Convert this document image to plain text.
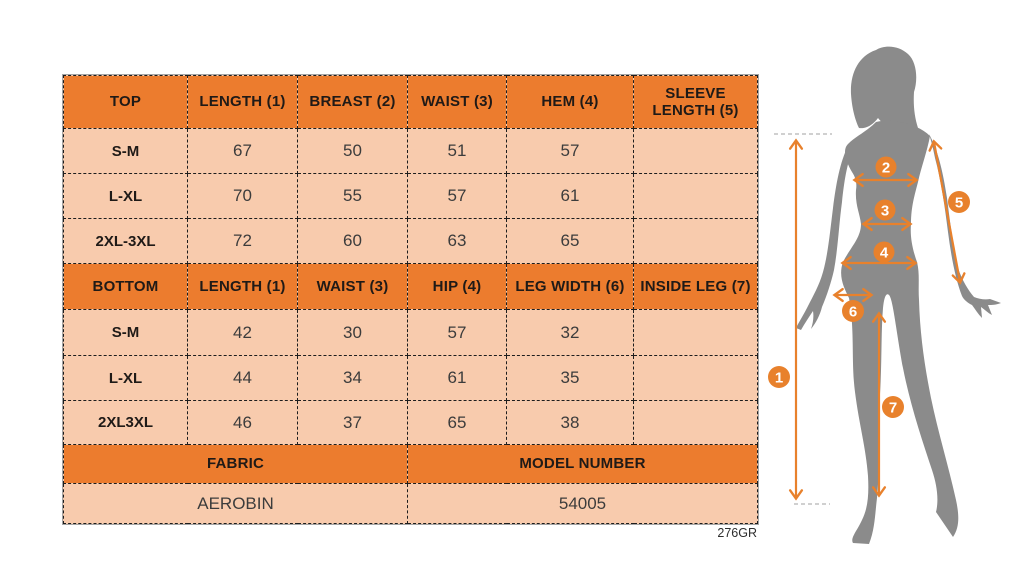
TOP	LENGTH (1)	BREAST (2)	WAIST (3)	HEM (4)	SLEEVE LENGTH (5)
S-M	67	50	51	57	
L-XL	70	55	57	61	
2XL-3XL	72	60	63	65	
BOTTOM	LENGTH (1)	WAIST (3)	HIP (4)	LEG WIDTH (6)	INSIDE LEG (7)
S-M	42	30	57	32	
L-XL	44	34	61	35	
2XL3XL	46	37	65	38	
FABRIC			MODEL NUMBER		
AEROBIN			54005		
276GR
1
2
3
4
5
6
7
